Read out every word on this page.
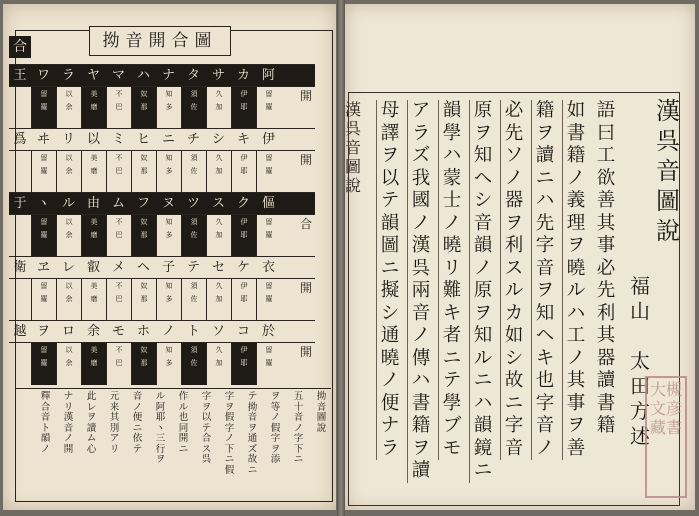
合	拗音開合圖
王 ワ ラ ヤ マ ハ ナ タ サ カ 阿
留
羅
以
余
美
磨
不
巴
奴
那
知
多
須
佐
久
加
伊
耶
留
羅
開
爲 ヰ リ 以 ミ ヒ ニ チ シ キ 伊
留
羅
以
余
美
磨
不
巴
奴
那
知
多
須
佐
久
加
伊
耶
留
羅
開
于 ヽ ル 由 ム フ ヌ ツ ス ク 傴
留
羅
以
余
美
磨
不
巴
奴
那
知
多
須
佐
久
加
伊
耶
留
羅
合
衛 ヱ レ 叡 メ ヘ 子 テ セ ケ 衣
留
羅
以
余
美
磨
不
巴
奴
那
知
多
須
佐
久
加
伊
耶
留
羅
開
越 ヲ ロ 余 モ ホ ノ ト ソ コ 於
留
羅
以
余
美
磨
不
巴
奴
那
知
多
須
佐
久
加
伊
耶
留
羅
開
拗
音
圖
說
五
十
音
ノ
字
下
ニ
ヲ
等
ノ
假
字
ヲ
添
テ
拗
音
ヲ
通
ズ
故
ニ
字
ヲ
假
字
ノ
下
ニ
假
字
ヲ
以
テ
合
ス
呉
作
ル
也
同
開
ニ
ル
阿
耶
ヽ
三
行
ヲ
音
ノ
便
ニ
依
テ
元
来
其
別
ア
リ
此
レ
ヲ
讀
ム
心
ナ
リ
漢
音
ノ
開
釋
合
音
ト
韻
ノ
漢
呉
音
圖
說
漢
呉
音
圖
說
福
山

太
田
方
述
語
曰
工
欲
善
其
事
必
先
利
其
器
讀
書
籍
如
書
籍
ノ
義
理
ヲ
曉
ル
ハ
工
ノ
其
事
ヲ
善
籍
ヲ
讀
ニ
ハ
先
字
音
ヲ
知
ヘ
キ
也
字
音
ノ
必
先
ソ
ノ
器
ヲ
利
ス
ル
カ
如
シ
故
ニ
字
音
原
ヲ
知
ヘ
シ
音
韻
ノ
原
ヲ
知
ル
ニ
ハ
韻
鏡
ニ
韻
學
ハ
蒙
士
ノ
曉
リ
難
キ
者
ニ
テ
學
ブ
モ
ア
ラ
ズ
我
國
ノ
漢
呉
兩
音
ノ
傳
ハ
書
籍
ヲ
讀
母
譯
ヲ
以
テ
韻
圖
ニ
擬
シ
通
曉
ノ
便
ナ
ラ
大槻
文彦
藏書
